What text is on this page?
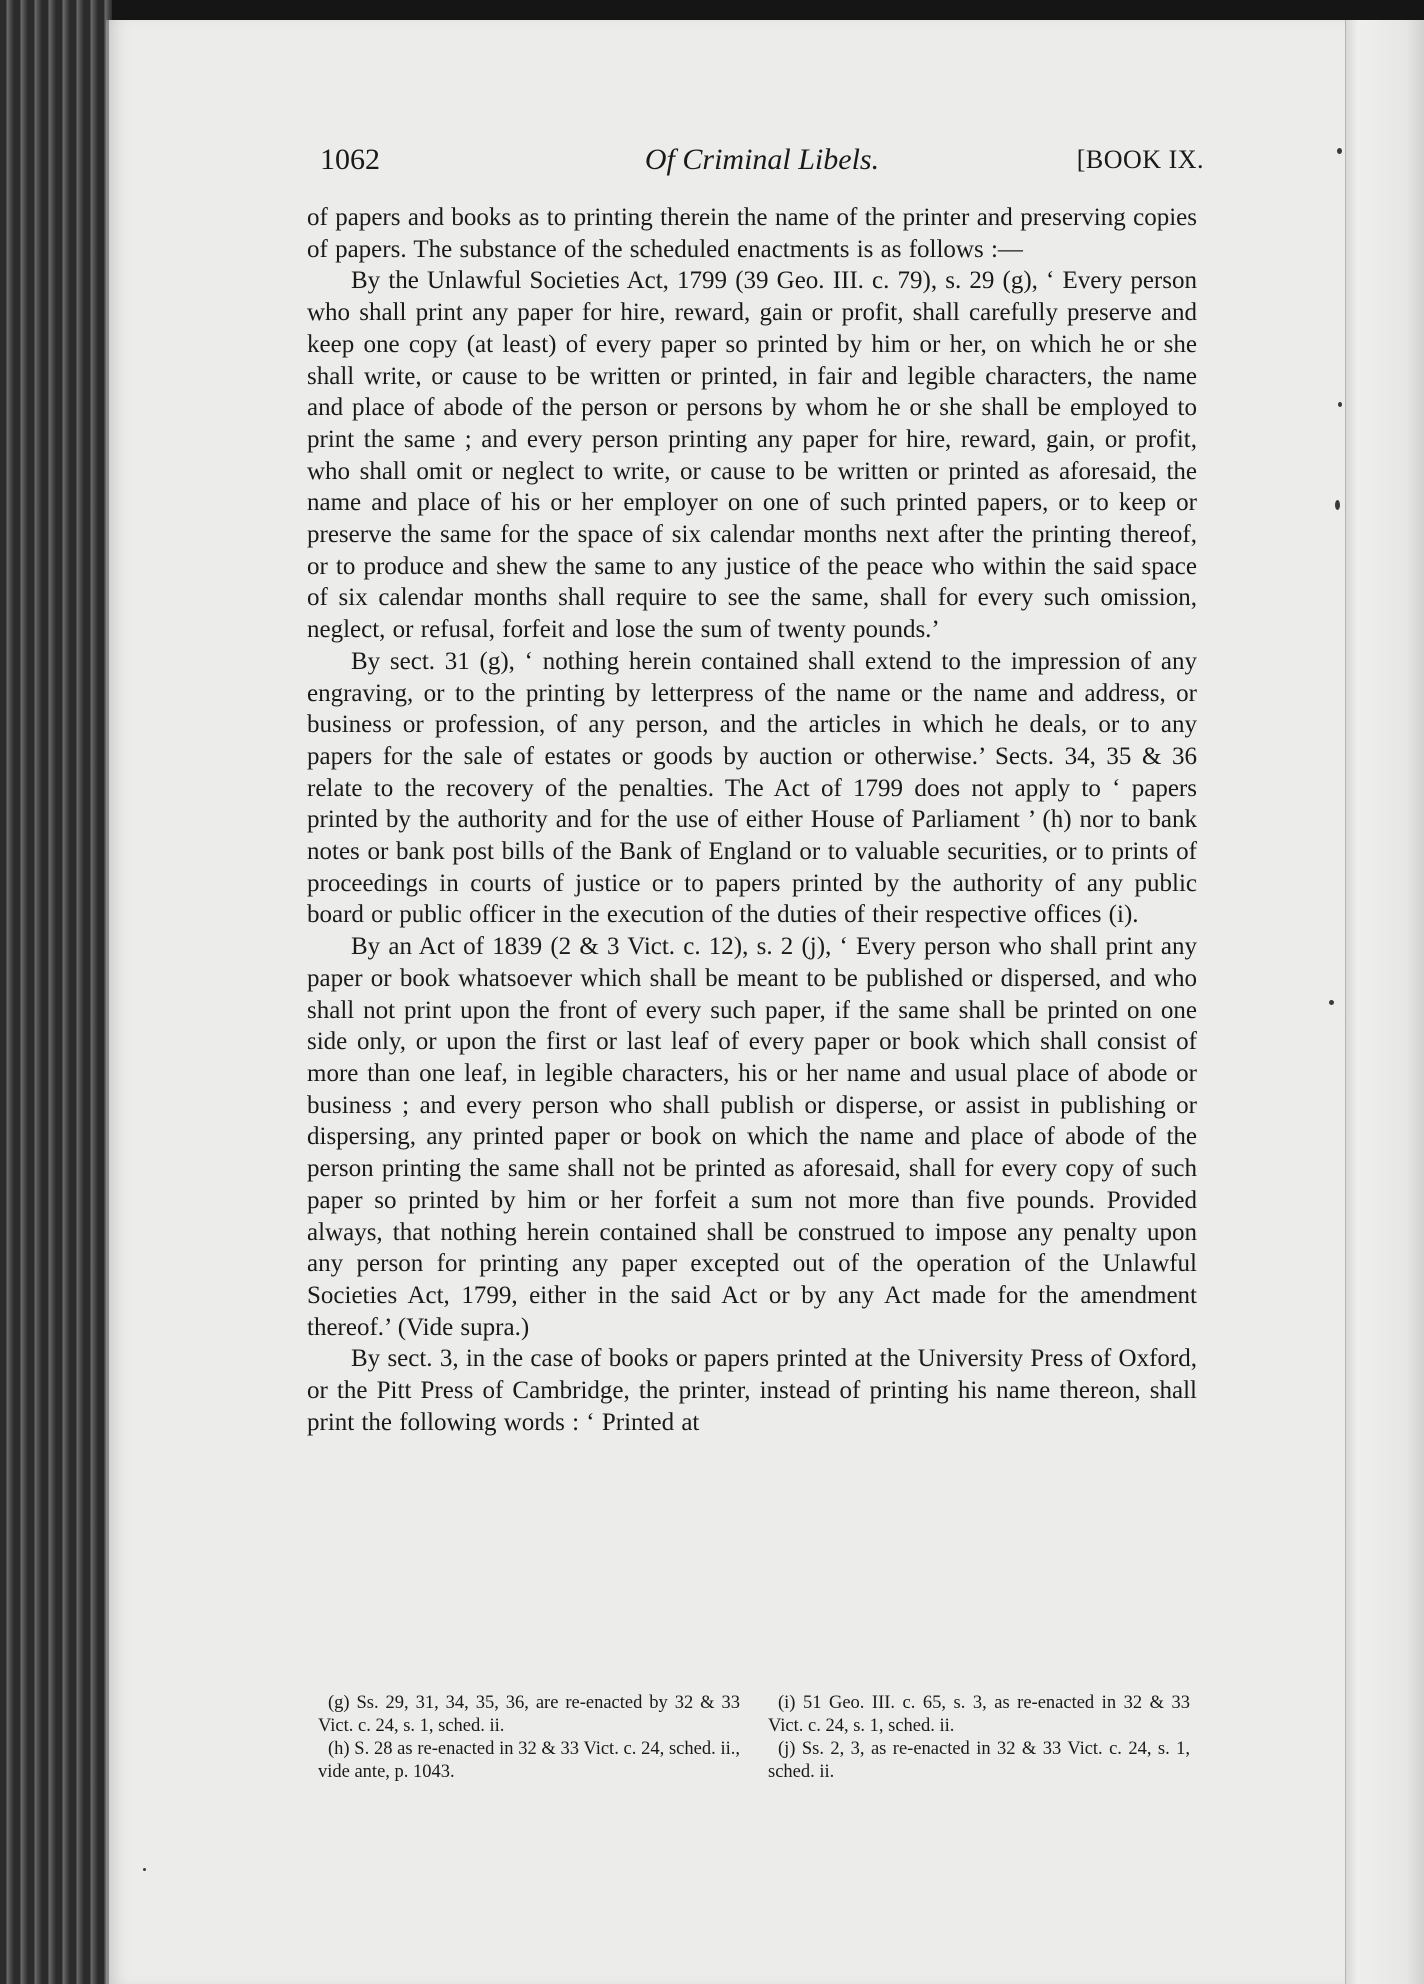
1062	Of Criminal Libels.	[BOOK IX.

of papers and books as to printing therein the name of the printer and preserving copies of papers. The substance of the scheduled enactments is as follows :—

By the Unlawful Societies Act, 1799 (39 Geo. III. c. 79), s. 29 (g), ‘ Every person who shall print any paper for hire, reward, gain or profit, shall carefully preserve and keep one copy (at least) of every paper so printed by him or her, on which he or she shall write, or cause to be written or printed, in fair and legible characters, the name and place of abode of the person or persons by whom he or she shall be employed to print the same ; and every person printing any paper for hire, reward, gain, or profit, who shall omit or neglect to write, or cause to be written or printed as aforesaid, the name and place of his or her employer on one of such printed papers, or to keep or preserve the same for the space of six calendar months next after the printing thereof, or to produce and shew the same to any justice of the peace who within the said space of six calendar months shall require to see the same, shall for every such omission, neglect, or refusal, forfeit and lose the sum of twenty pounds.’

By sect. 31 (g), ‘ nothing herein contained shall extend to the impression of any engraving, or to the printing by letterpress of the name or the name and address, or business or profession, of any person, and the articles in which he deals, or to any papers for the sale of estates or goods by auction or otherwise.’ Sects. 34, 35 & 36 relate to the recovery of the penalties. The Act of 1799 does not apply to ‘ papers printed by the authority and for the use of either House of Parliament ’ (h) nor to bank notes or bank post bills of the Bank of England or to valuable securities, or to prints of proceedings in courts of justice or to papers printed by the authority of any public board or public officer in the execution of the duties of their respective offices (i).

By an Act of 1839 (2 & 3 Vict. c. 12), s. 2 (j), ‘ Every person who shall print any paper or book whatsoever which shall be meant to be published or dispersed, and who shall not print upon the front of every such paper, if the same shall be printed on one side only, or upon the first or last leaf of every paper or book which shall consist of more than one leaf, in legible characters, his or her name and usual place of abode or business ; and every person who shall publish or disperse, or assist in publishing or dispersing, any printed paper or book on which the name and place of abode of the person printing the same shall not be printed as aforesaid, shall for every copy of such paper so printed by him or her forfeit a sum not more than five pounds. Provided always, that nothing herein contained shall be construed to impose any penalty upon any person for printing any paper excepted out of the operation of the Unlawful Societies Act, 1799, either in the said Act or by any Act made for the amendment thereof.’ (Vide supra.)

By sect. 3, in the case of books or papers printed at the University Press of Oxford, or the Pitt Press of Cambridge, the printer, instead of printing his name thereon, shall print the following words : ‘ Printed at

(g) Ss. 29, 31, 34, 35, 36, are re-enacted by 32 & 33 Vict. c. 24, s. 1, sched. ii.

(h) S. 28 as re-enacted in 32 & 33 Vict. c. 24, sched. ii., vide ante, p. 1043.

(i) 51 Geo. III. c. 65, s. 3, as re-enacted in 32 & 33 Vict. c. 24, s. 1, sched. ii.

(j) Ss. 2, 3, as re-enacted in 32 & 33 Vict. c. 24, s. 1, sched. ii.
